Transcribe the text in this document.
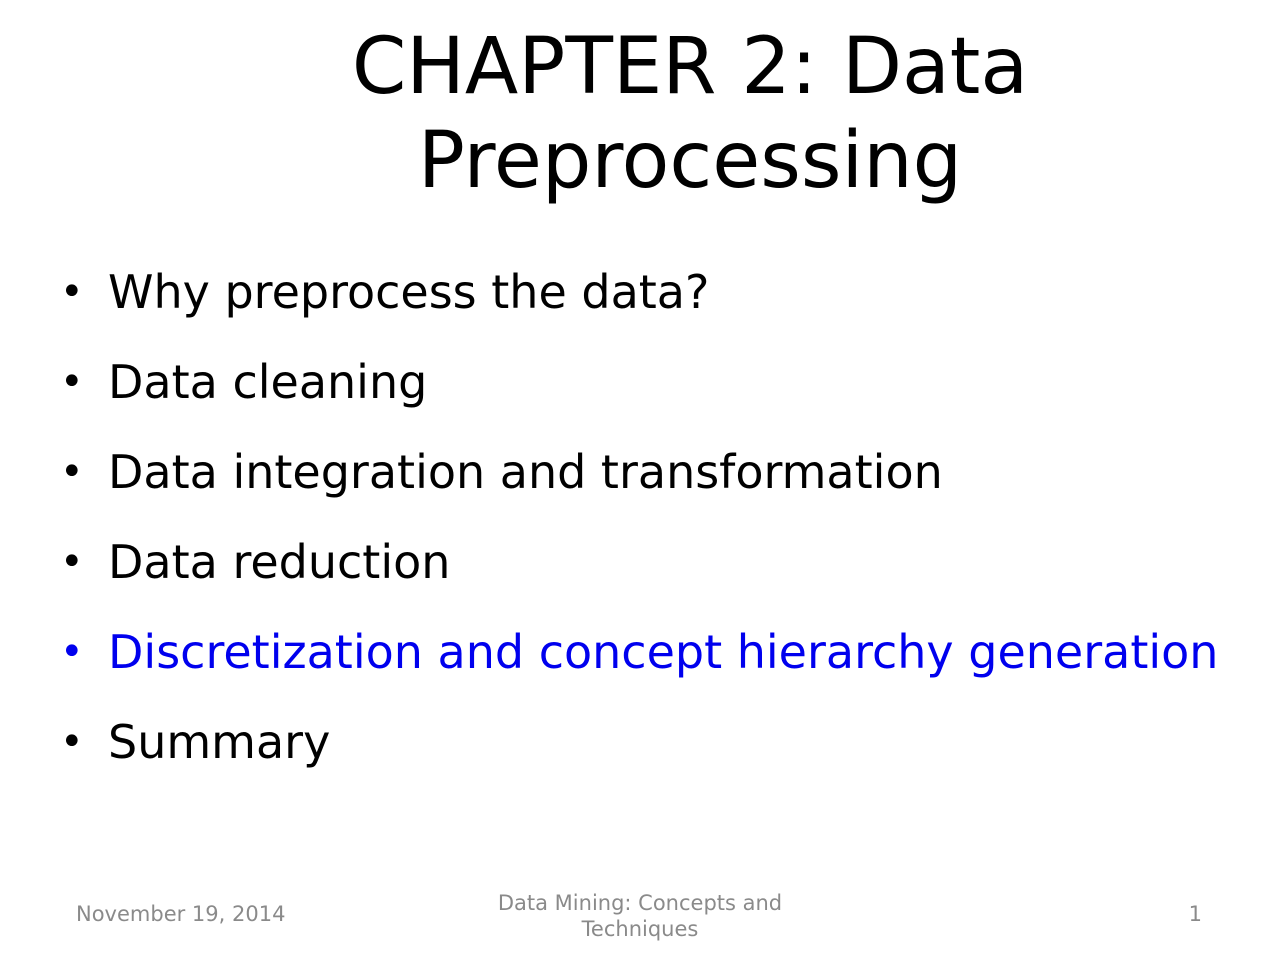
CHAPTER 2: Data Preprocessing
• Why preprocess the data?
• Data cleaning
• Data integration and transformation
• Data reduction
• Discretization and concept hierarchy generation
• Summary
November 19, 2014	Data Mining: Concepts and Techniques
1
